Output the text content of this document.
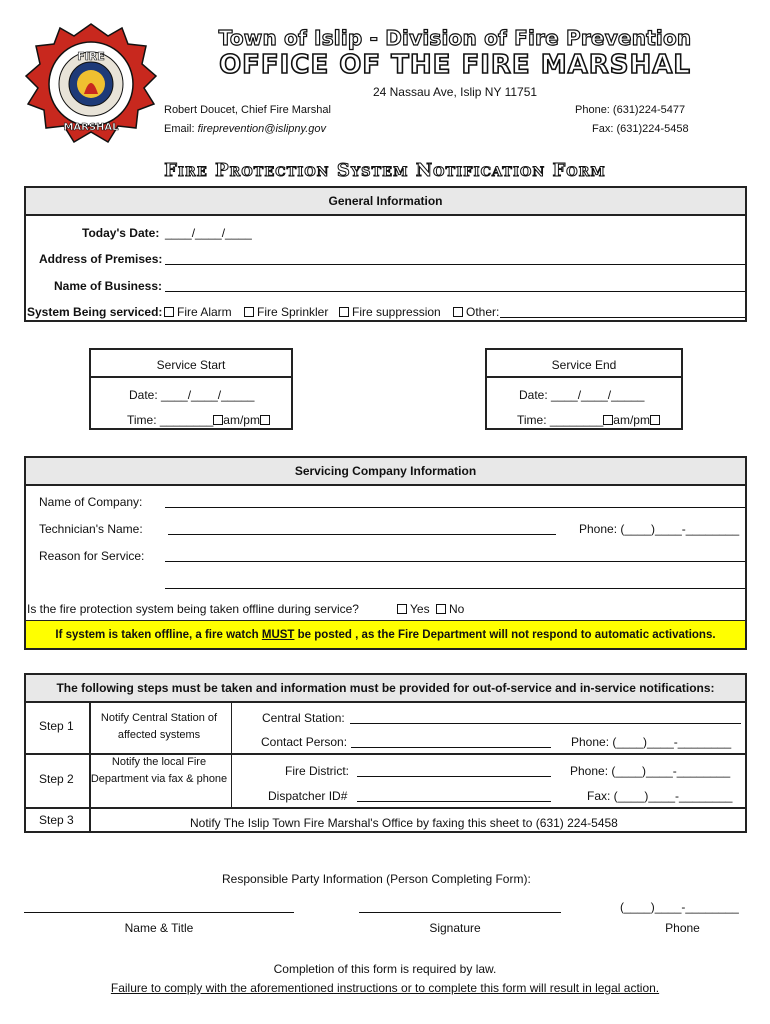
FIRE
MARSHAL
Town of Islip - Division of Fire Prevention
OFFICE OF THE FIRE MARSHAL
24 Nassau Ave, Islip NY 11751
Robert Doucet, Chief Fire Marshal
Email: fireprevention@islipny.gov
Phone: (631)224-5477
Fax: (631)224-5458
Fire Protection System Notification Form
General Information
Today's Date: ____/____/____
Address of Premises:
Name of Business:
System Being serviced:	Fire Alarm	Fire Sprinkler	Fire suppression	Other:
Service Start
Date: ____/____/_____
Time: ________ am/pm
Service End
Date: ____/____/_____
Time: ________ am/pm
Servicing Company Information
Name of Company:
Technician's Name:	Phone: (____)____-________
Reason for Service:
Is the fire protection system being taken offline during service?	Yes	No
If system is taken offline, a fire watch MUST be posted , as the Fire Department will not respond to automatic activations.
The following steps must be taken and information must be provided for out-of-service and in-service notifications:
Step 1
Notify Central Station of affected systems
Central Station:
Contact Person:	Phone: (____)____-________
Step 2
Notify the local Fire Department via fax & phone
Fire District:	Phone: (____)____-________
Dispatcher ID#	Fax: (____)____-________
Step 3	Notify The Islip Town Fire Marshal's Office by faxing this sheet to (631) 224-5458
Responsible Party Information (Person Completing Form):
(____)____-________
Name & Title	Signature	Phone
Completion of this form is required by law.
Failure to comply with the aforementioned instructions or to complete this form will result in legal action.
